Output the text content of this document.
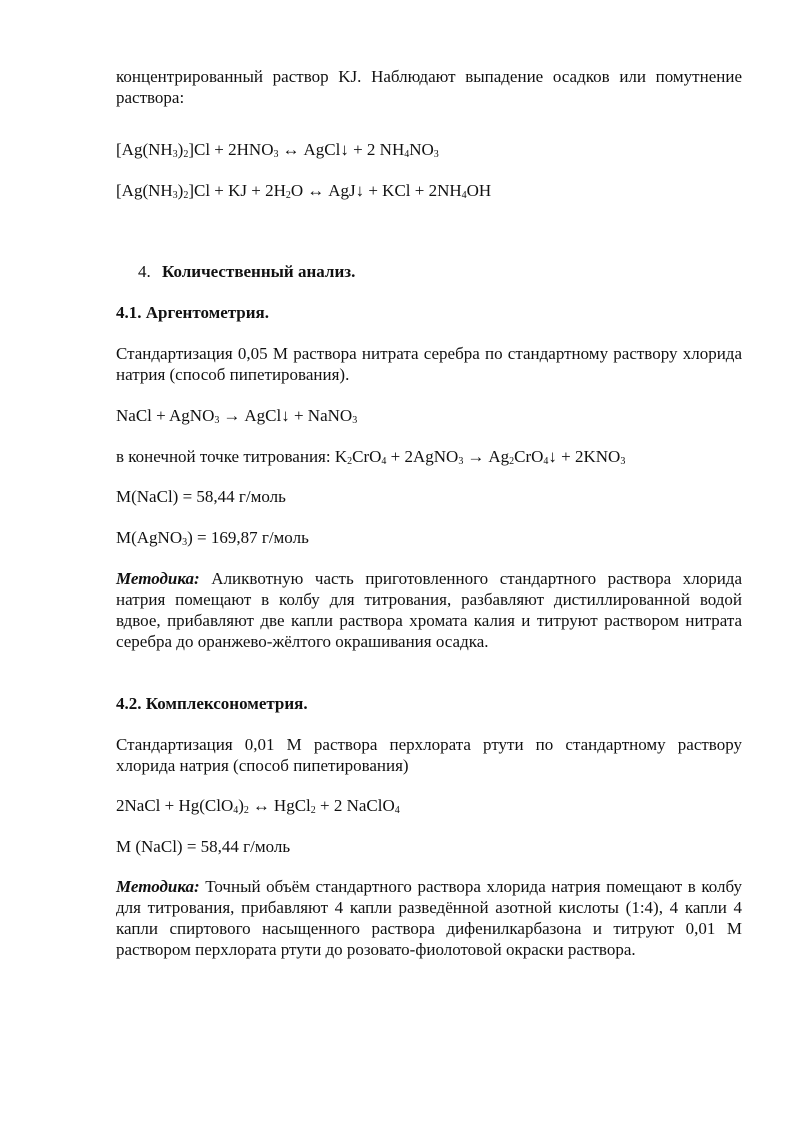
концентрированный раствор KJ. Наблюдают выпадение осадков или помутнение раствора:

$[Ag(NH_3)_2]Cl + 2HNO_3$ ↔ AgCl↓ + 2 $NH_4NO_3$

$[Ag(NH_3)_2]Cl$ + KJ + $2H_2O$ ↔ AgJ↓ + KCl + $2NH_4OH$

4. Количественный анализ.

4.1. Аргентометрия.

Стандартизация 0,05 М раствора нитрата серебра по стандартному раствору хлорида натрия (способ пипетирования).

NaCl + AgNO$_3$ → AgCl↓ + NaNO$_3$

в конечной точке титрования: $K_2CrO_4$ + 2AgNO$_3$ → $Ag_2CrO_4↓ + 2KNO_3$

M(NaCl) = 58,44 г/моль

M(AgNO$_3$) = 169,87 г/моль

Методика: Аликвотную часть приготовленного стандартного раствора хлорида натрия помещают в колбу для титрования, разбавляют дистиллированной водой вдвое, прибавляют две капли раствора хромата калия и титруют раствором нитрата серебра до оранжево-жёлтого окрашивания осадка.

4.2. Комплексонометрия.

Стандартизация 0,01 М раствора перхлората ртути по стандартному раствору хлорида натрия (способ пипетирования)

2NaCl + $Hg(ClO_4)_2$ ↔ HgCl$_2$ + 2 NaClO$_4$

M (NaCl) = 58,44 г/моль

Методика: Точный объём стандартного раствора хлорида натрия помещают в колбу для титрования, прибавляют 4 капли разведённой азотной кислоты (1:4), 4 капли 4 капли спиртового насыщенного раствора дифенилкарбазона и титруют 0,01 М раствором перхлората ртути до розовато-фиолотовой окраски раствора.
